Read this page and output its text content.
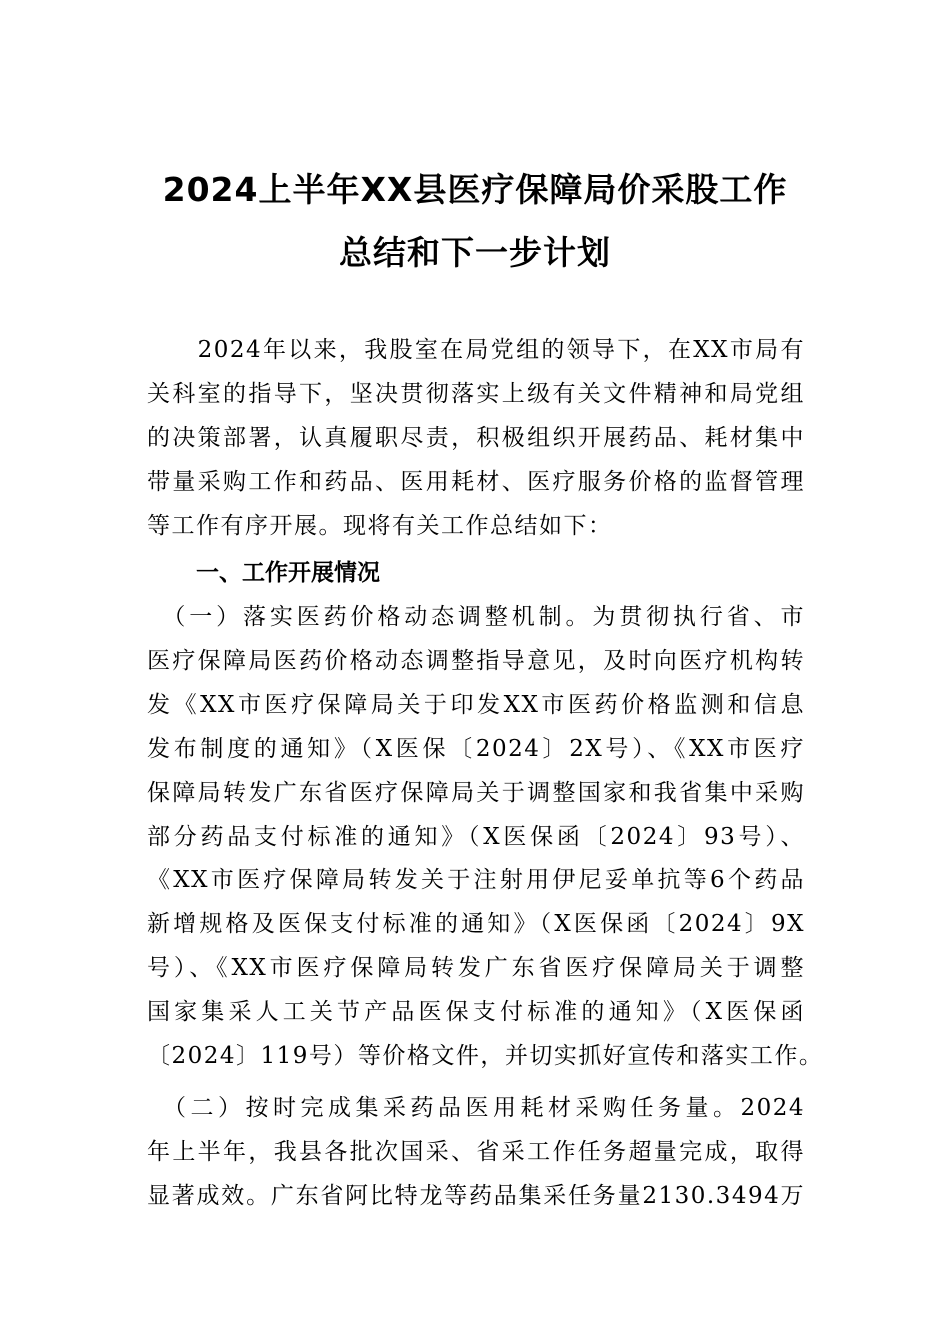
2024上半年XX县医疗保障局价采股工作
总结和下一步计划
　　2024年以来，我股室在局党组的领导下，在XX市局有
关科室的指导下，坚决贯彻落实上级有关文件精神和局党组
的决策部署，认真履职尽责，积极组织开展药品、耗材集中
带量采购工作和药品、医用耗材、医疗服务价格的监督管理
等工作有序开展。现将有关工作总结如下：
　（一）落实医药价格动态调整机制。为贯彻执行省、市
医疗保障局医药价格动态调整指导意见，及时向医疗机构转
发《XX市医疗保障局关于印发XX市医药价格监测和信息
发布制度的通知》（X医保〔2024〕2X号）、《XX市医疗
保障局转发广东省医疗保障局关于调整国家和我省集中采购
部分药品支付标准的通知》（X医保函〔2024〕93号）、
《XX市医疗保障局转发关于注射用伊尼妥单抗等6个药品
新增规格及医保支付标准的通知》（X医保函〔2024〕9X
号）、《XX市医疗保障局转发广东省医疗保障局关于调整
国家集采人工关节产品医保支付标准的通知》（X医保函
〔2024〕119号）等价格文件，并切实抓好宣传和落实工作。
　（二）按时完成集采药品医用耗材采购任务量。2024
年上半年，我县各批次国采、省采工作任务超量完成，取得
显著成效。广东省阿比特龙等药品集采任务量2130.3494万
一、工作开展情况
